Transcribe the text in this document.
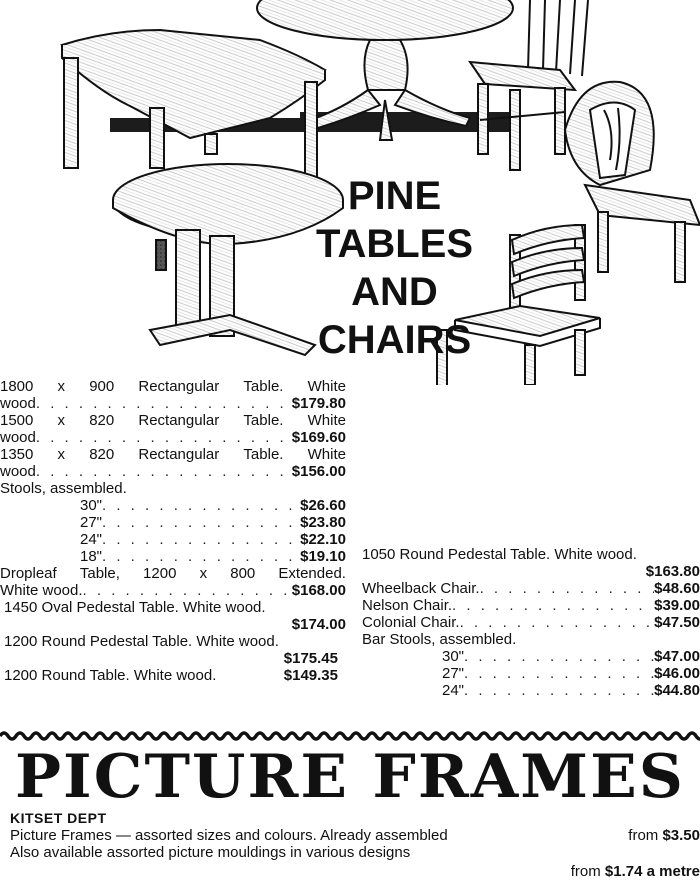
PINE
TABLES
AND
CHAIRS
1800 x 900 Rectangular Table. White
wood . . .	$179.80
1500 x 820 Rectangular Table. White
wood . . .	$169.60
1350 x 820 Rectangular Table. White
wood . . .	$156.00
Stools, assembled.
30" . . .	$26.60
27" . . .	$23.80
24" . . .	$22.10
18" . . .	$19.10
Dropleaf Table, 1200 x 800 Extended.
White wood. . . .	$168.00
1450 Oval Pedestal Table. White wood.
$174.00
1200 Round Pedestal Table. White wood.
$175.45
1200 Round Table. White wood.	$149.35
1050 Round Pedestal Table. White wood.
$163.80
Wheelback Chair. . . .	$48.60
Nelson Chair. . . .	$39.00
Colonial Chair. . . .	$47.50
Bar Stools, assembled.
30" . . .	$47.00
27" . . .	$46.00
24" . . .	$44.80
PICTURE FRAMES
KITSET DEPT
Picture Frames — assorted sizes and colours. Already assembled	from $3.50
Also available assorted picture mouldings in various designs
from $1.74 a metre
